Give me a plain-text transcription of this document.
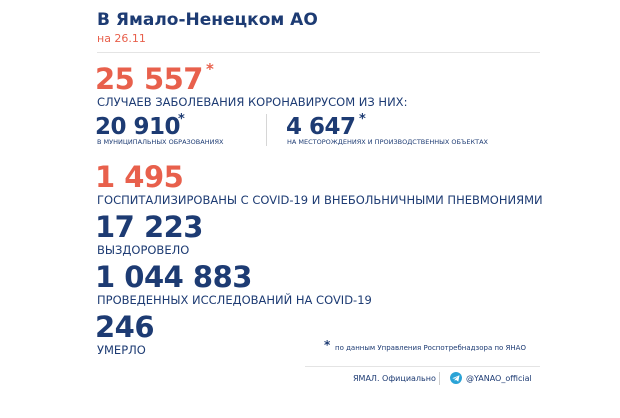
В Ямало-Ненецком АО
на 26.11
25 557 *
СЛУЧАЕВ ЗАБОЛЕВАНИЯ КОРОНАВИРУСОМ ИЗ НИХ:
20 910
*
В МУНИЦИПАЛЬНЫХ ОБРАЗОВАНИЯХ
4 647 *
НА МЕСТОРОЖДЕНИЯХ И ПРОИЗВОДСТВЕННЫХ ОБЪЕКТАХ
1 495
ГОСПИТАЛИЗИРОВАНЫ С COVID-19 И ВНЕБОЛЬНИЧНЫМИ ПНЕВМОНИЯМИ
17 223
ВЫЗДОРОВЕЛО
1 044 883
ПРОВЕДЕННЫХ ИССЛЕДОВАНИЙ НА COVID-19
246
УМЕРЛО	* по данным Управления Роспотребнадзора по ЯНАО
ЯМАЛ. Официально	@YANAO_official
